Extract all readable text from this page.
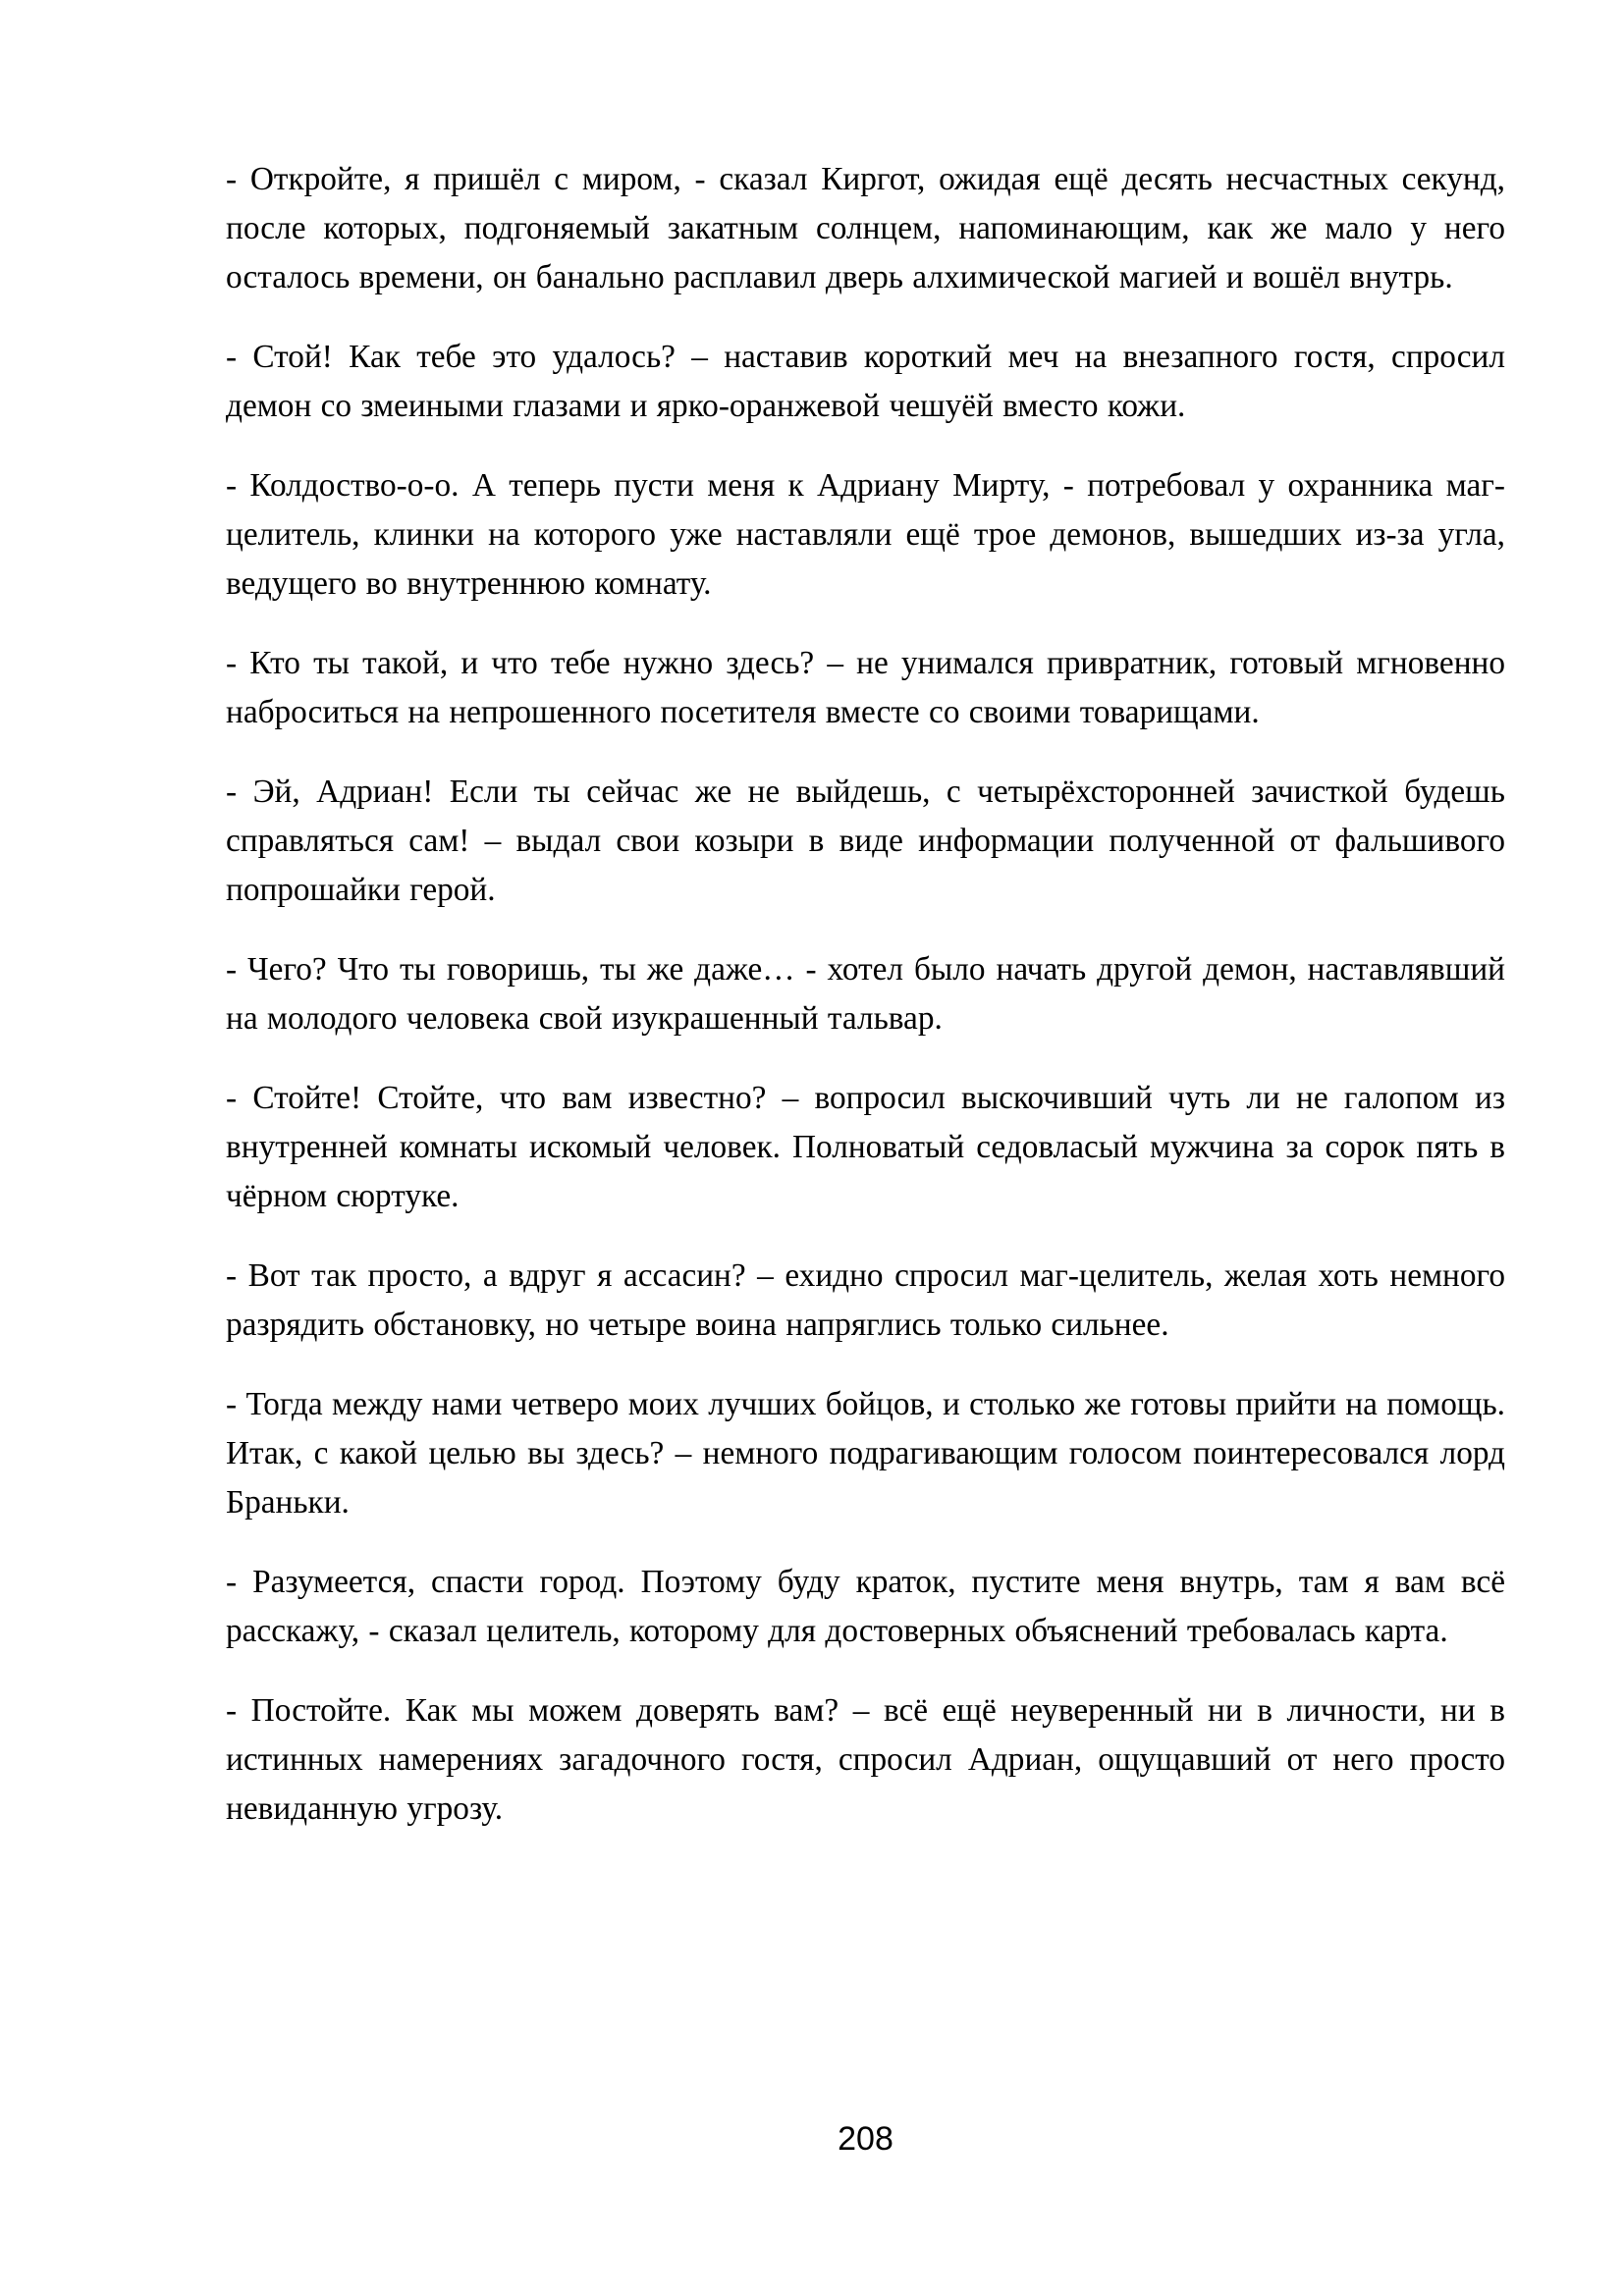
- Откройте, я пришёл с миром, - сказал Киргот, ожидая ещё десять несчастных секунд, после которых, подгоняемый закатным солнцем, напоминающим, как же мало у него осталось времени, он банально расплавил дверь алхимической магией и вошёл внутрь.

- Стой! Как тебе это удалось? – наставив короткий меч на внезапного гостя, спросил демон со змеиными глазами и ярко-оранжевой чешуёй вместо кожи.

- Колдоство-о-о. А теперь пусти меня к Адриану Мирту, - потребовал у охранника маг-целитель, клинки на которого уже наставляли ещё трое демонов, вышедших из-за угла, ведущего во внутреннюю комнату.

- Кто ты такой, и что тебе нужно здесь? – не унимался привратник, готовый мгновенно наброситься на непрошенного посетителя вместе со своими товарищами.

- Эй, Адриан! Если ты сейчас же не выйдешь, с четырёхсторонней зачисткой будешь справляться сам! – выдал свои козыри в виде информации полученной от фальшивого попрошайки герой.

- Чего? Что ты говоришь, ты же даже… - хотел было начать другой демон, наставлявший на молодого человека свой изукрашенный тальвар.

- Стойте! Стойте, что вам известно? – вопросил выскочивший чуть ли не галопом из внутренней комнаты искомый человек. Полноватый седовласый мужчина за сорок пять в чёрном сюртуке.

- Вот так просто, а вдруг я ассасин? – ехидно спросил маг-целитель, желая хоть немного разрядить обстановку, но четыре воина напряглись только сильнее.

- Тогда между нами четверо моих лучших бойцов, и столько же готовы прийти на помощь. Итак, с какой целью вы здесь? – немного подрагивающим голосом поинтересовался лорд Браньки.

- Разумеется, спасти город. Поэтому буду краток, пустите меня внутрь, там я вам всё расскажу, - сказал целитель, которому для достоверных объяснений требовалась карта.

- Постойте. Как мы можем доверять вам? – всё ещё неуверенный ни в личности, ни в истинных намерениях загадочного гостя, спросил Адриан, ощущавший от него просто невиданную угрозу.

208
